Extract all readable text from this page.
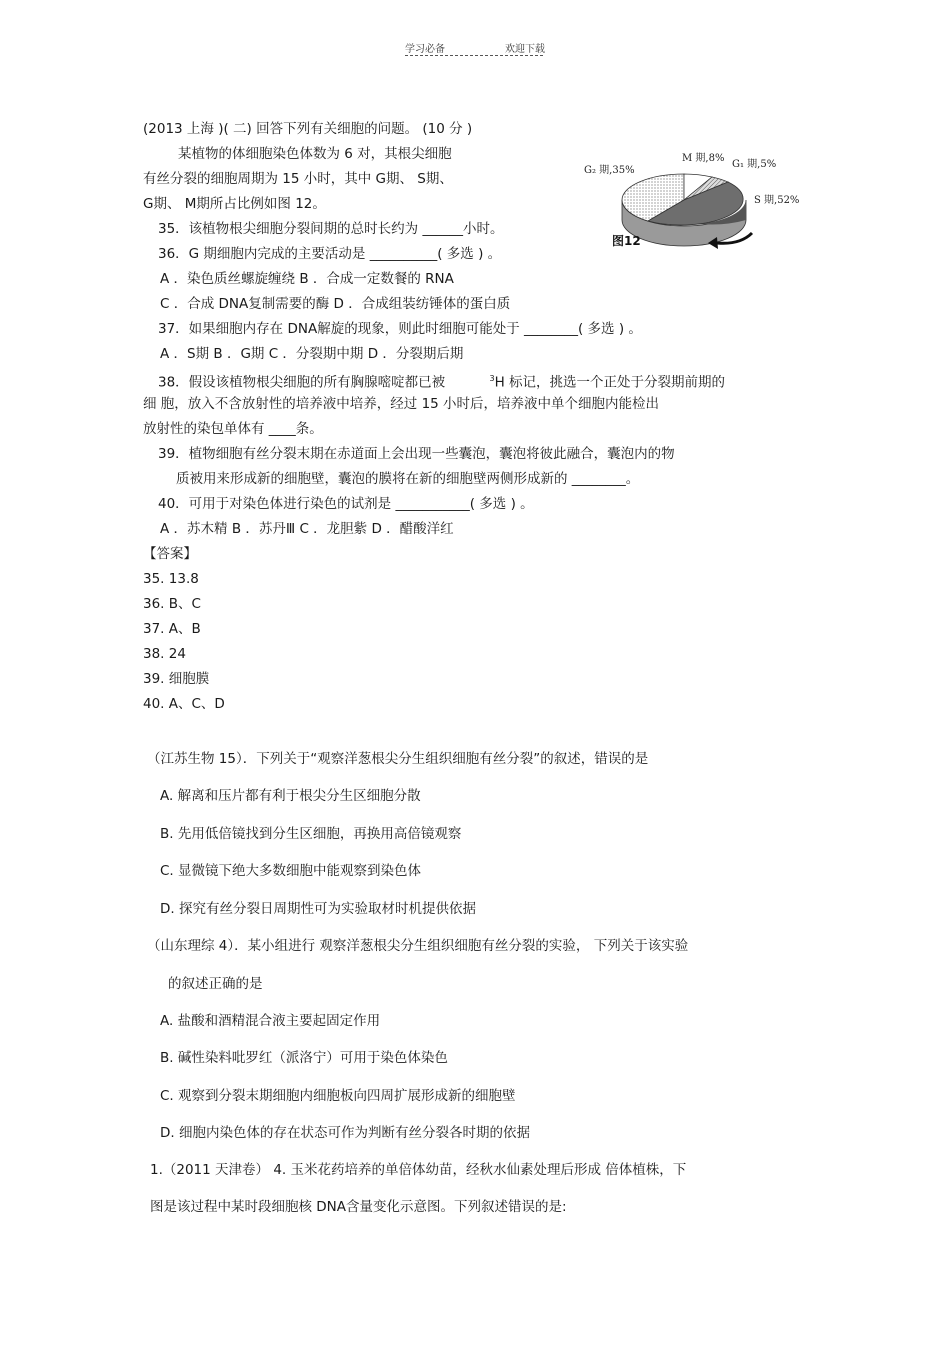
学习必备	欢迎下载
(2013 上海 )( 二) 回答下列有关细胞的问题。 (10 分 )
某植物的体细胞染色体数为 6 对，其根尖细胞
有丝分裂的细胞周期为 15 小时，其中 G期、 S期、
G期、 M期所占比例如图 12。
35．该植物根尖细胞分裂间期的总时长约为 ______小时。
36．G 期细胞内完成的主要活动是 __________( 多选 ) 。
A ．染色质丝螺旋缠绕 B ．合成一定数餐的 RNA
C ．合成 DNA复制需要的酶 D ．合成组装纺锤体的蛋白质
37．如果细胞内存在 DNA解旋的现象，则此时细胞可能处于 ________( 多选 ) 。
A ．S期 B ．G期 C ．分裂期中期 D ．分裂期后期
38．假设该植物根尖细胞的所有胸腺嘧啶都已被	$^3$H 标记，挑选一个正处于分裂期前期的
细 胞，放入不含放射性的培养液中培养，经过 15 小时后，培养液中单个细胞内能检出
放射性的染包单体有 ____条。
39．植物细胞有丝分裂末期在赤道面上会出现一些囊泡，囊泡将彼此融合，囊泡内的物
质被用来形成新的细胞壁，囊泡的膜将在新的细胞壁两侧形成新的 ________。
40．可用于对染色体进行染色的试剂是 ___________( 多选 ) 。
A ．苏木精 B ．苏丹Ⅲ C ．龙胆紫 D ．醋酸洋红
【答案】
35. 13.8
36. B、C
37. A、B
38. 24
39. 细胞膜
40. A、C、D
（江苏生物 15）．下列关于“观察洋葱根尖分生组织细胞有丝分裂”的叙述，错误的是
A. 解离和压片都有利于根尖分生区细胞分散
B. 先用低倍镜找到分生区细胞，再换用高倍镜观察
C. 显微镜下绝大多数细胞中能观察到染色体
D. 探究有丝分裂日周期性可为实验取材时机提供依据
（山东理综 4）．某小组进行 观察洋葱根尖分生组织细胞有丝分裂的实验， 下列关于该实验
的叙述正确的是
A. 盐酸和酒精混合液主要起固定作用
B. 碱性染料吡罗红（派洛宁）可用于染色体染色
C. 观察到分裂末期细胞内细胞板向四周扩展形成新的细胞壁
D. 细胞内染色体的存在状态可作为判断有丝分裂各时期的依据
1.（2011 天津卷） 4. 玉米花药培养的单倍体幼苗，经秋水仙素处理后形成 倍体植株，下
图是该过程中某时段细胞核 DNA含量变化示意图。下列叙述错误的是:
G₂ 期,35%
M 期,8%
G₁ 期,5%
S 期,52%
图12
